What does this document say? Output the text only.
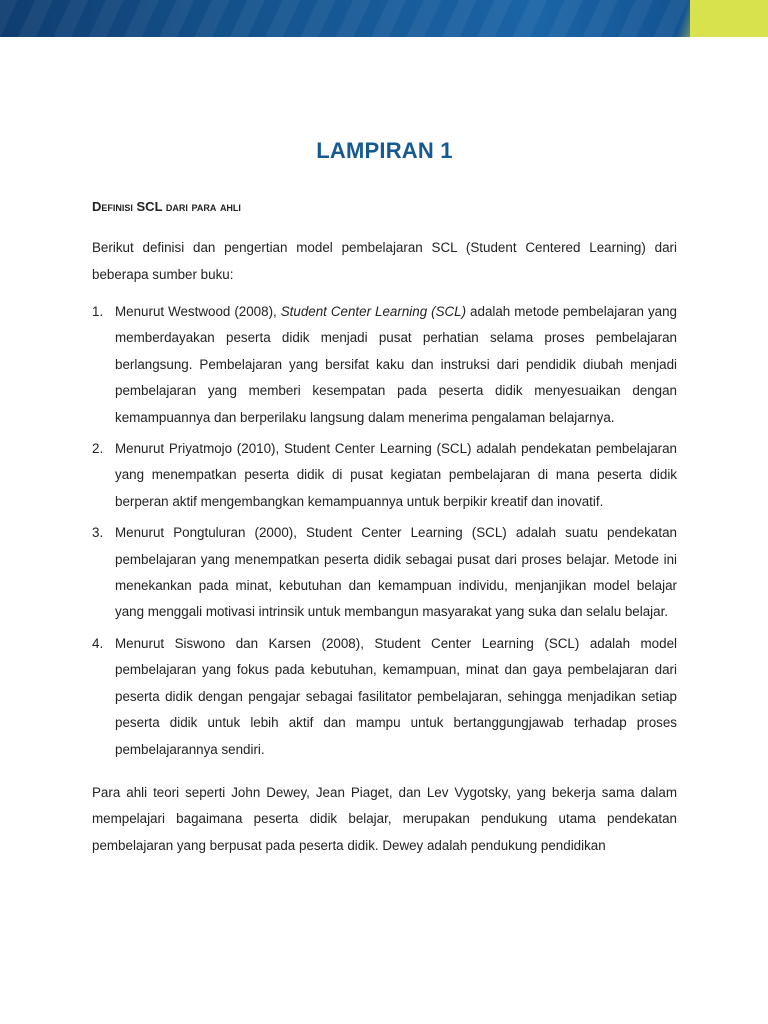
LAMPIRAN 1
Definisi SCL dari para ahli

Berikut definisi dan pengertian model pembelajaran SCL (Student Centered Learning) dari beberapa sumber buku:

1. Menurut Westwood (2008), Student Center Learning (SCL) adalah metode pembelajaran yang memberdayakan peserta didik menjadi pusat perhatian selama proses pembelajaran berlangsung. Pembelajaran yang bersifat kaku dan instruksi dari pendidik diubah menjadi pembelajaran yang memberi kesempatan pada peserta didik menyesuaikan dengan kemampuannya dan berperilaku langsung dalam menerima pengalaman belajarnya.
2. Menurut Priyatmojo (2010), Student Center Learning (SCL) adalah pendekatan pembelajaran yang menempatkan peserta didik di pusat kegiatan pembelajaran di mana peserta didik berperan aktif mengembangkan kemampuannya untuk berpikir kreatif dan inovatif.
3. Menurut Pongtuluran (2000), Student Center Learning (SCL) adalah suatu pendekatan pembelajaran yang menempatkan peserta didik sebagai pusat dari proses belajar. Metode ini menekankan pada minat, kebutuhan dan kemampuan individu, menjanjikan model belajar yang menggali motivasi intrinsik untuk membangun masyarakat yang suka dan selalu belajar.
4. Menurut Siswono dan Karsen (2008), Student Center Learning (SCL) adalah model pembelajaran yang fokus pada kebutuhan, kemampuan, minat dan gaya pembelajaran dari peserta didik dengan pengajar sebagai fasilitator pembelajaran, sehingga menjadikan setiap peserta didik untuk lebih aktif dan mampu untuk bertanggungjawab terhadap proses pembelajarannya sendiri.

Para ahli teori seperti John Dewey, Jean Piaget, dan Lev Vygotsky, yang bekerja sama dalam mempelajari bagaimana peserta didik belajar, merupakan pendukung utama pendekatan pembelajaran yang berpusat pada peserta didik. Dewey adalah pendukung pendidikan
